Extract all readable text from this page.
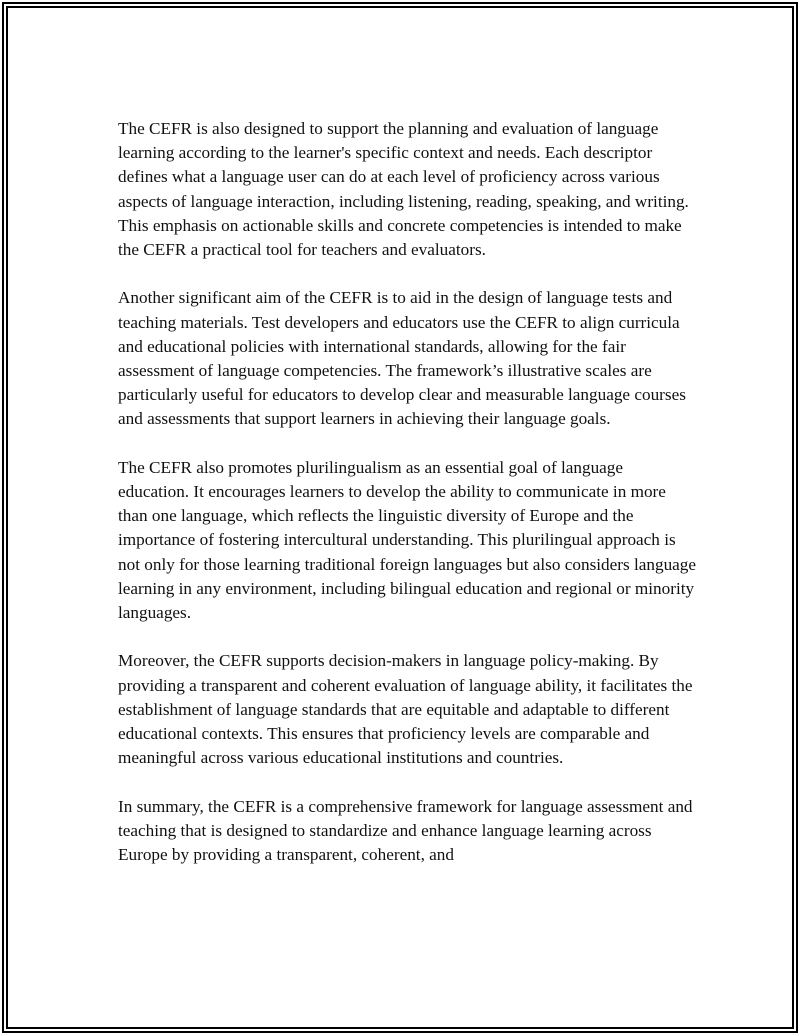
The CEFR is also designed to support the planning and evaluation of language learning according to the learner's specific context and needs. Each descriptor defines what a language user can do at each level of proficiency across various aspects of language interaction, including listening, reading, speaking, and writing. This emphasis on actionable skills and concrete competencies is intended to make the CEFR a practical tool for teachers and evaluators.

Another significant aim of the CEFR is to aid in the design of language tests and teaching materials. Test developers and educators use the CEFR to align curricula and educational policies with international standards, allowing for the fair assessment of language competencies. The framework’s illustrative scales are particularly useful for educators to develop clear and measurable language courses and assessments that support learners in achieving their language goals.

The CEFR also promotes plurilingualism as an essential goal of language education. It encourages learners to develop the ability to communicate in more than one language, which reflects the linguistic diversity of Europe and the importance of fostering intercultural understanding. This plurilingual approach is not only for those learning traditional foreign languages but also considers language learning in any environment, including bilingual education and regional or minority languages.

Moreover, the CEFR supports decision-makers in language policy-making. By providing a transparent and coherent evaluation of language ability, it facilitates the establishment of language standards that are equitable and adaptable to different educational contexts. This ensures that proficiency levels are comparable and meaningful across various educational institutions and countries.

In summary, the CEFR is a comprehensive framework for language assessment and teaching that is designed to standardize and enhance language learning across Europe by providing a transparent, coherent, and
